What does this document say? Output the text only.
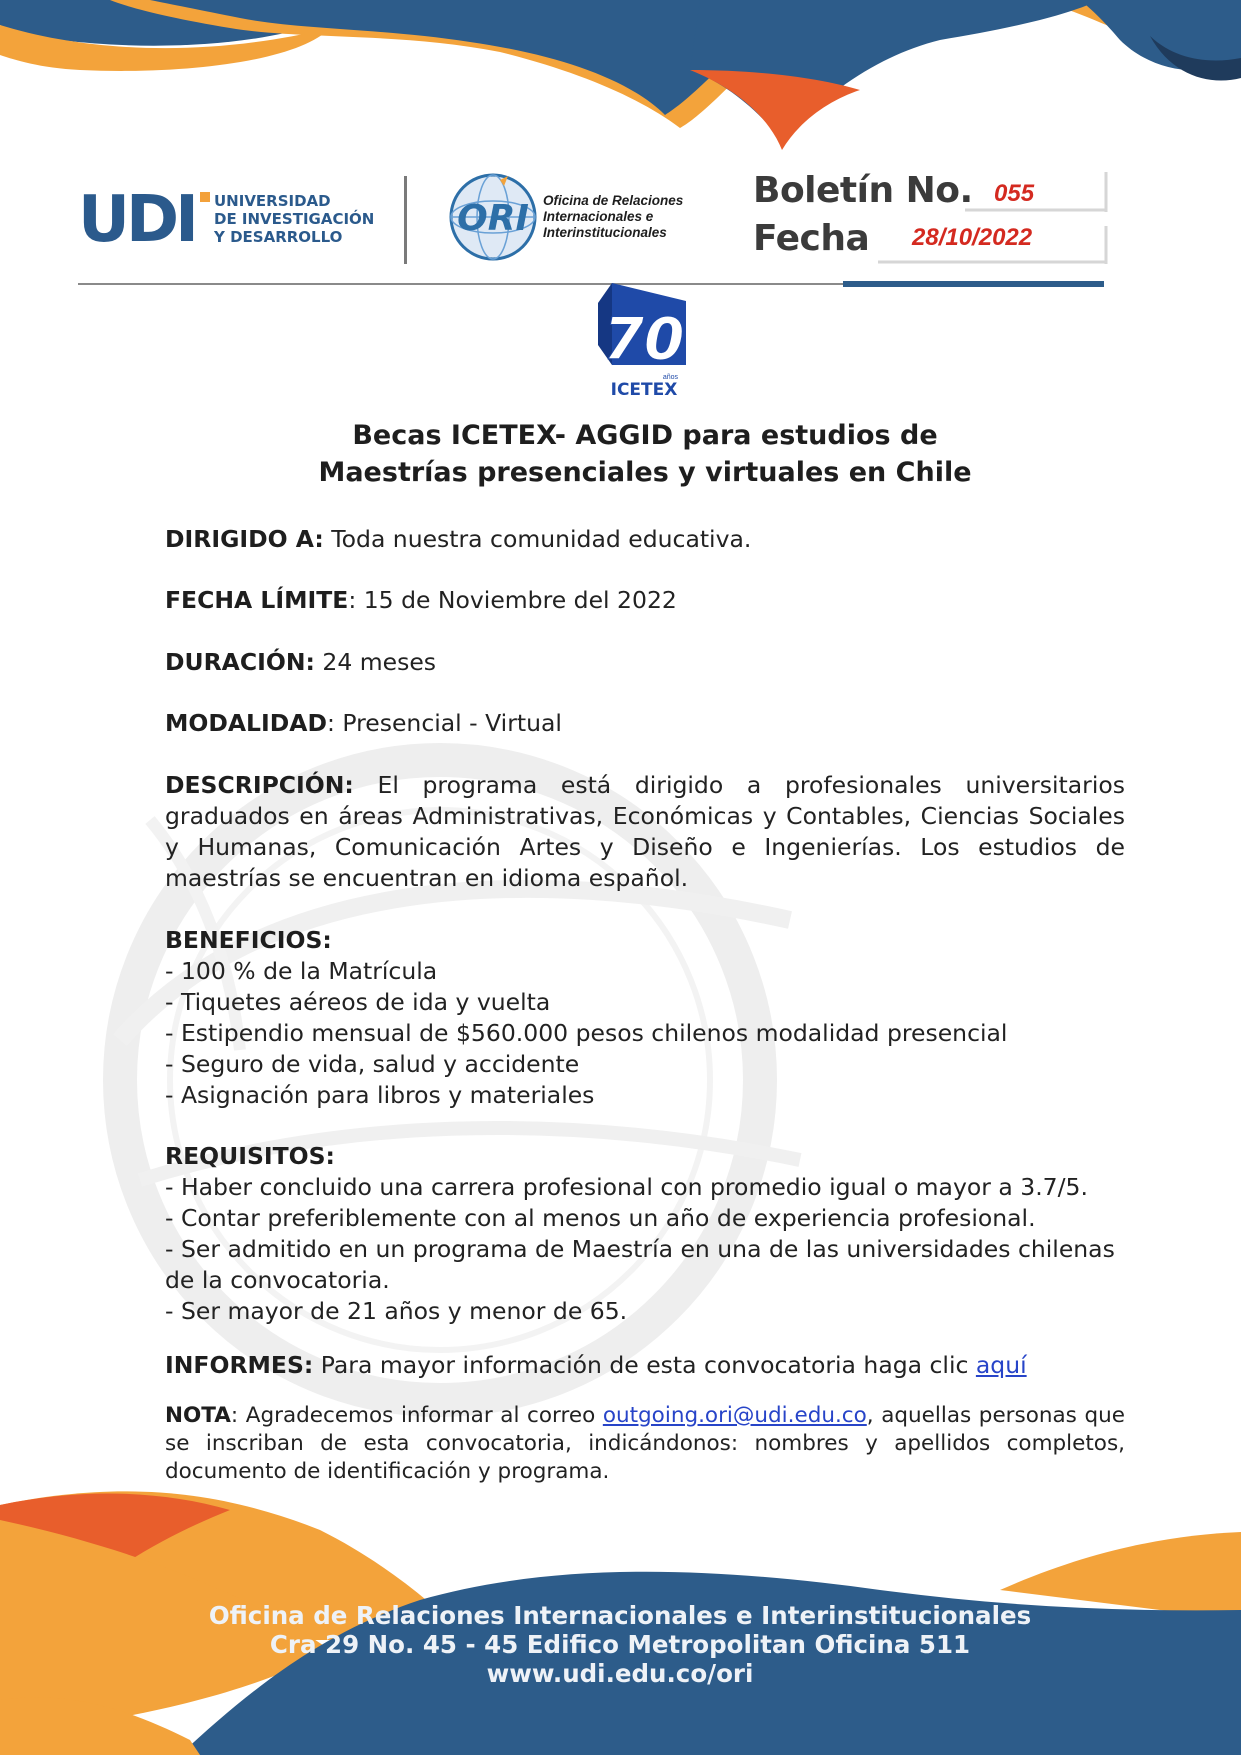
UDI UNIVERSIDAD
DE INVESTIGACIÓN
Y DESARROLLO	ORI Oficina de Relaciones
Internacionales e
Interinstitucionales
Boletín No. 055
Fecha 28/10/2022
70
años
ICETEX
Becas ICETEX- AGGID para estudios de
Maestrías presenciales y virtuales en Chile
DIRIGIDO A: Toda nuestra comunidad educativa.
FECHA LÍMITE: 15 de Noviembre del 2022
DURACIÓN: 24 meses
MODALIDAD: Presencial - Virtual
DESCRIPCIÓN: El programa está dirigido a profesionales universitarios graduados en áreas Administrativas, Económicas y Contables, Ciencias Sociales y Humanas, Comunicación Artes y Diseño e Ingenierías. Los estudios de maestrías se encuentran en idioma español.
BENEFICIOS:
- 100 % de la Matrícula
- Tiquetes aéreos de ida y vuelta
- Estipendio mensual de $560.000 pesos chilenos modalidad presencial
- Seguro de vida, salud y accidente
- Asignación para libros y materiales
REQUISITOS:
- Haber concluido una carrera profesional con promedio igual o mayor a 3.7/5.
- Contar preferiblemente con al menos un año de experiencia profesional.
- Ser admitido en un programa de Maestría en una de las universidades chilenas de la convocatoria.
- Ser mayor de 21 años y menor de 65.
INFORMES: Para mayor información de esta convocatoria haga clic aquí
NOTA: Agradecemos informar al correo outgoing.ori@udi.edu.co, aquellas personas que se inscriban de esta convocatoria, indicándonos: nombres y apellidos completos, documento de identificación y programa.
Oficina de Relaciones Internacionales e Interinstitucionales
Cra 29 No. 45 - 45 Edifico Metropolitan Oficina 511
www.udi.edu.co/ori
